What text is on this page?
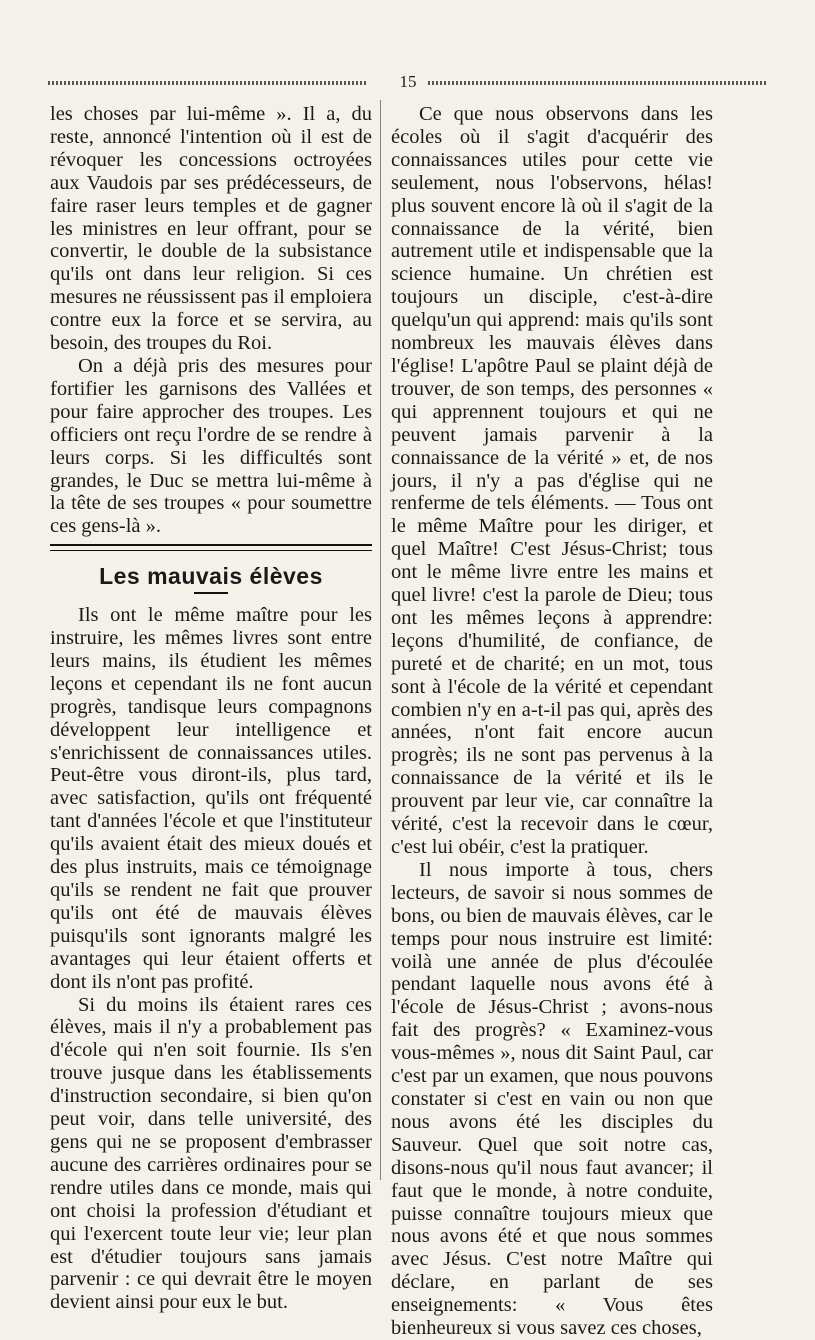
15

les choses par lui-même ». Il a, du reste, annoncé l'intention où il est de révoquer les concessions octroyées aux Vaudois par ses prédécesseurs, de faire raser leurs temples et de gagner les ministres en leur offrant, pour se convertir, le double de la subsistance qu'ils ont dans leur religion. Si ces mesures ne réussissent pas il emploiera contre eux la force et se servira, au besoin, des troupes du Roi.

On a déjà pris des mesures pour fortifier les garnisons des Vallées et pour faire approcher des troupes. Les officiers ont reçu l'ordre de se rendre à leurs corps. Si les difficultés sont grandes, le Duc se mettra lui-même à la tête de ses troupes « pour soumettre ces gens-là ».

Les mauvais élèves

Ils ont le même maître pour les instruire, les mêmes livres sont entre leurs mains, ils étudient les mêmes leçons et cependant ils ne font aucun progrès, tandisque leurs compagnons développent leur intelligence et s'enrichissent de connaissances utiles. Peut-être vous diront-ils, plus tard, avec satisfaction, qu'ils ont fréquenté tant d'années l'école et que l'instituteur qu'ils avaient était des mieux doués et des plus instruits, mais ce témoignage qu'ils se rendent ne fait que prouver qu'ils ont été de mauvais élèves puisqu'ils sont ignorants malgré les avantages qui leur étaient offerts et dont ils n'ont pas profité.

Si du moins ils étaient rares ces élèves, mais il n'y a probablement pas d'école qui n'en soit fournie. Ils s'en trouve jusque dans les établissements d'instruction secondaire, si bien qu'on peut voir, dans telle université, des gens qui ne se proposent d'embrasser aucune des carrières ordinaires pour se rendre utiles dans ce monde, mais qui ont choisi la profession d'étudiant et qui l'exercent toute leur vie; leur plan est d'étudier toujours sans jamais parvenir : ce qui devrait être le moyen devient ainsi pour eux le but.

Ce que nous observons dans les écoles où il s'agit d'acquérir des connaissances utiles pour cette vie seulement, nous l'observons, hélas! plus souvent encore là où il s'agit de la connaissance de la vérité, bien autrement utile et indispensable que la science humaine. Un chrétien est toujours un disciple, c'est-à-dire quelqu'un qui apprend: mais qu'ils sont nombreux les mauvais élèves dans l'église! L'apôtre Paul se plaint déjà de trouver, de son temps, des personnes « qui apprennent toujours et qui ne peuvent jamais parvenir à la connaissance de la vérité » et, de nos jours, il n'y a pas d'église qui ne renferme de tels éléments. — Tous ont le même Maître pour les diriger, et quel Maître! C'est Jésus-Christ; tous ont le même livre entre les mains et quel livre! c'est la parole de Dieu; tous ont les mêmes leçons à apprendre: leçons d'humilité, de confiance, de pureté et de charité; en un mot, tous sont à l'école de la vérité et cependant combien n'y en a-t-il pas qui, après des années, n'ont fait encore aucun progrès; ils ne sont pas pervenus à la connaissance de la vérité et ils le prouvent par leur vie, car connaître la vérité, c'est la recevoir dans le cœur, c'est lui obéir, c'est la pratiquer.

Il nous importe à tous, chers lecteurs, de savoir si nous sommes de bons, ou bien de mauvais élèves, car le temps pour nous instruire est limité: voilà une année de plus d'écoulée pendant laquelle nous avons été à l'école de Jésus-Christ ; avons-nous fait des progrès? « Examinez-vous vous-mêmes », nous dit Saint Paul, car c'est par un examen, que nous pouvons constater si c'est en vain ou non que nous avons été les disciples du Sauveur. Quel que soit notre cas, disons-nous qu'il nous faut avancer; il faut que le monde, à notre conduite, puisse connaître toujours mieux que nous avons été et que nous sommes avec Jésus. C'est notre Maître qui déclare, en parlant de ses enseignements: « Vous êtes bienheureux si vous savez ces choses,
